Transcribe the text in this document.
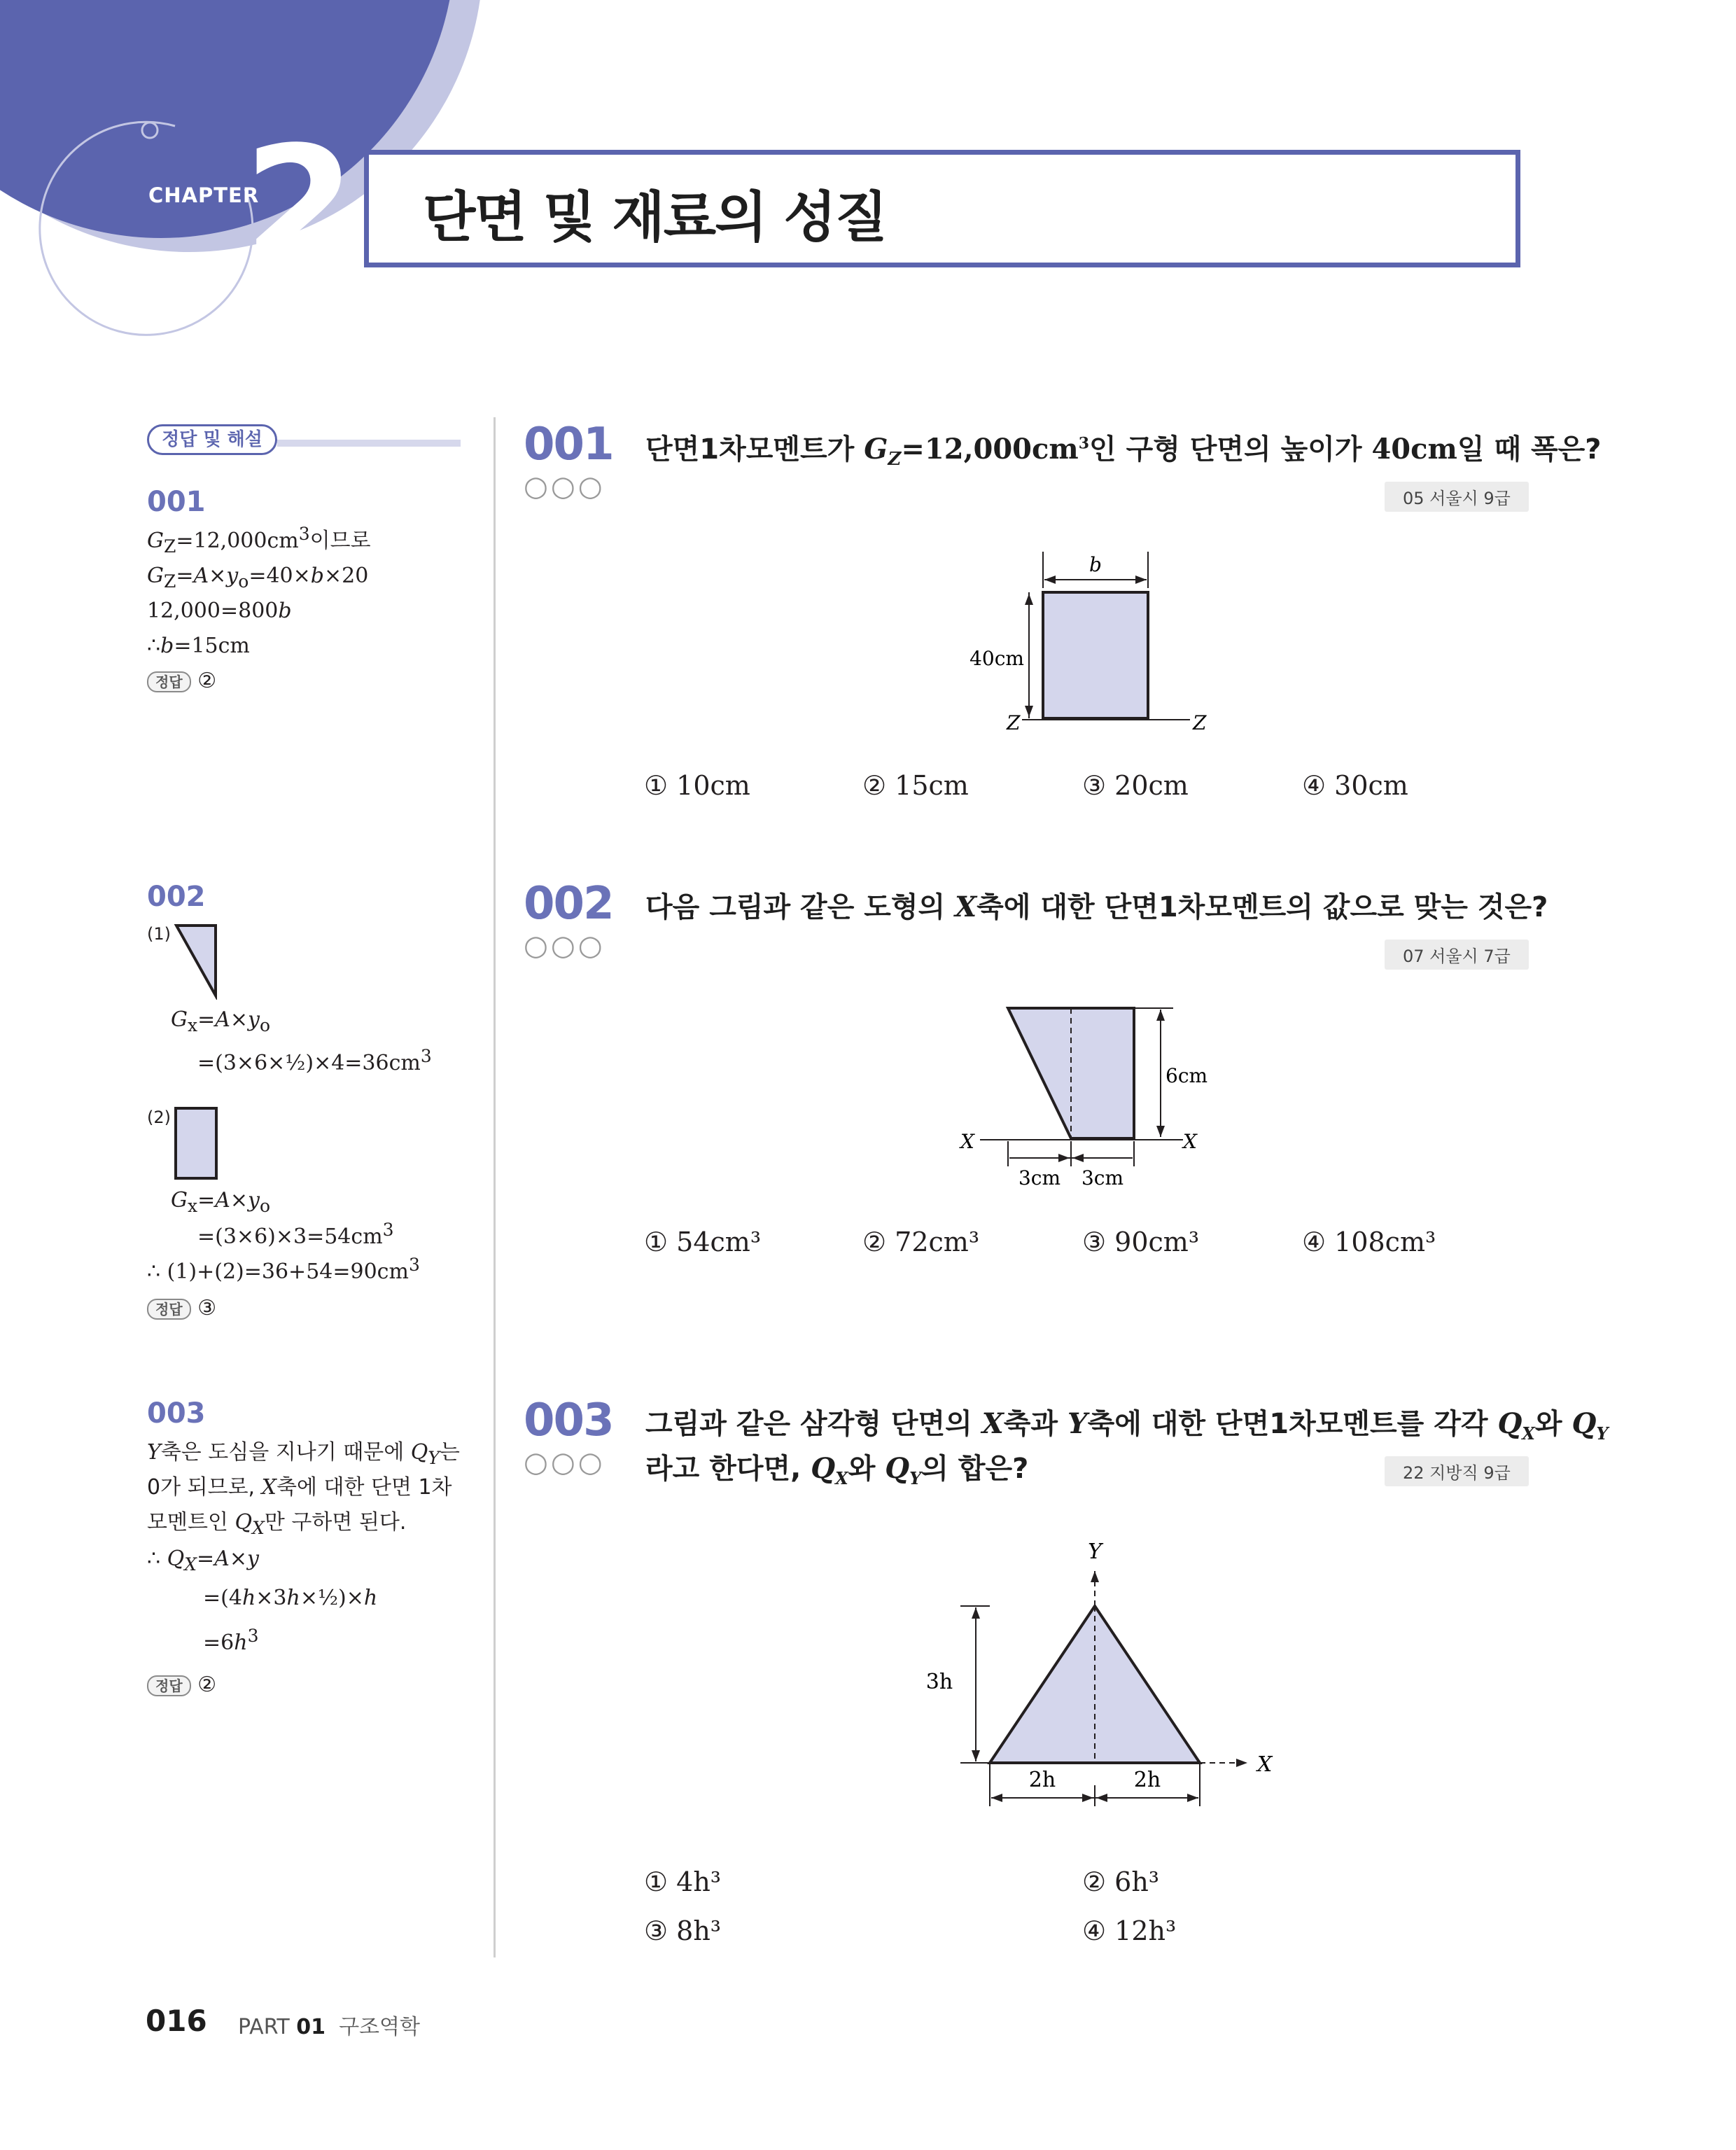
CHAPTER
2 단면 및 재료의 성질
정답 및 해설
001
$G_Z=12,000cm^3$이므로
$G_Z=A\times y_o=40\times b\times 20$
12,000=800b
∴b=15cm
정답 ②
002
(1)
$G_x=A\times y_o$
$=(3\times 6\times\frac{1}{2})\times 4=36cm^3$
(2)
$G_x=A\times y_o$
$=(3\times 6)\times 3=54cm^3$
∴ $(1)+(2)=36+54=90cm^3$
정답 ③
003
Y축은 도심을 지나기 때문에 $Q_Y$는
0가 되므로, X축에 대한 단면 1차
모멘트인 $Q_X$만 구하면 된다.
∴ $Q_X=A\times y$
=(4h×3h×½)×h
$=6h^3$
정답 ②
001
○○○
단면1차모멘트가 $G_Z=12,000cm^3$인 구형 단면의 높이가 40cm일 때 폭은?
05 서울시 9급
b
40cm
Z	Z
① 10cm	② 15cm	③ 20cm	④ 30cm
002
○○○
다음 그림과 같은 도형의 X축에 대한 단면1차모멘트의 값으로 맞는 것은?
07 서울시 7급
6cm
X	X
3cm 3cm
① 54cm³	② 72cm³	③ 90cm³	④ 108cm³
003
○○○
그림과 같은 삼각형 단면의 X축과 Y축에 대한 단면1차모멘트를 각각 $Q_X$와 $Q_Y$
라고 한다면, $Q_X$와 $Q_Y$의 합은?	22 지방직 9급
Y
X
3h
2h	2h
① 4h³	② 6h³
③ 8h³	④ 12h³
016 PART 01 구조역학
